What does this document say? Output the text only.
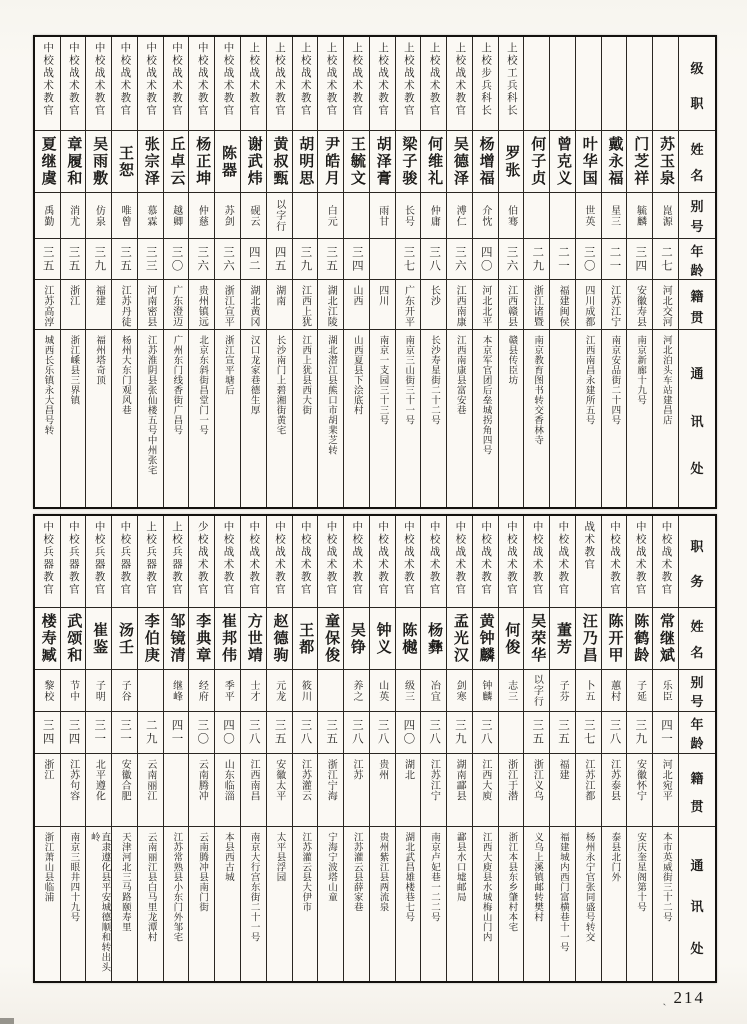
级
职
姓
名
别
号
年
龄
籍
贯
通
讯
处
苏玉泉
崑源
二七
河北交河
河北泊头车站建昌店
门芝祥
毓麟
三四
安徽寿县
南京新廊十九号
戴永福
星三
二一
江苏江宁
南京安品街二十四号
叶华国
世英
三〇
四川成都
江西南昌永建所五号
曾克义
二一
福建闽侯
何子贞
二九
浙江诸暨
南京教育图书转交香林寺
上校工兵科长
罗张
伯骞
三六
江西赣县
赣县传臣坊
上校步兵科长
杨增福
介忱
四〇
河北北平
本京军官团后垒城拐角四号
上校战术教官
吴德泽
溥仁
三六
江西南康
江西南康县富安巷
上校战术教官
何维礼
仲庸
三八
长沙
长沙寿星街二十二号
上校战术教官
梁子骏
长号
三七
广东开平
南京三山街三十一号
上校战术教官
胡泽膏
雨甘
四川
南京一支园三十三号
上校战术教官
王毓文
三四
山西
山西夏县下浍底村
上校战术教官
尹皓月
白元
三五
湖北江陵
湖北潜江县熊口市胡棐芝转
上校战术教官
胡明思
三九
江西上犹
江西上犹县西大街
上校战术教官
黄叔甄
以字行
四五
湖南
长沙南门上碧湘街黄宅
上校战术教官
谢武炜
砚云
四二
湖北黄冈
汉口龙家巷德生厚
中校战术教官
陈器
苏剑
三六
浙江宣平
浙江宣平塘后
中校战术教官
杨正坤
仲慈
三六
贵州镇远
北京东斜街昌堂门一号
中校战术教官
丘卓云
越卿
三〇
广东澄迈
广州东门线香街广昌号
中校战术教官
张宗泽
慕霖
三三
河南密县
江苏淮阴县张仙楼五号中州张宅
中校战术教官
王恕
唯曾
三五
江苏丹徒
杨州大东门观风巷
中校战术教官
吴雨敷
仿泉
三九
福建
福州塔奇顶
中校战术教官
章履和
消尤
三五
浙江
浙江嵊县三界镇
中校战术教官
夏继虞
禹勤
三五
江苏高淳
城西长乐镇永大昌号转
职
务
姓
名
别
号
年
龄
籍
贯
通
讯
处
中校战术教官
常继斌
乐臣
四一
河北宛平
本市英威街三十二号
中校战术教官
陈鹤龄
子延
三九
安徽怀宁
安庆奎星阁第十号
中校战术教官
陈开甲
蕙村
三八
江苏泰县
泰县北门外
战术教官
汪乃昌
卜五
三七
江苏江都
杨州永宁官张同盛号转交
中校战术教官
董芳
子芬
三五
福建
福建城内西门富横巷十一号
中校战术教官
吴荣华
以字行
三五
浙江义乌
义乌上溪镇邮转樊村
中校战术教官
何俊
志三
浙江于潜
浙江本县东乡肇村本宅
中校战术教官
黄钟麟
钟麟
三八
江西大庾
江西大庾县水城梅山门内
中校战术教官
孟光汉
剑寒
三九
湖南酃县
酃县水口墟邮局
中校战术教官
杨彝
冶宜
三八
江苏江宁
南京卢妃巷一二二号
中校战术教官
陈樾
级三
四〇
湖北
湖北武昌雄楼巷七号
中校战术教官
钟义
山英
三八
贵州
贵州紫江县两流泉
中校战术教官
吴铮
养之
三八
江苏
江苏灌云县薛家巷
中校战术教官
童保俊
三五
浙江宁海
宁海宁波塔山童
中校战术教官
王都
筱川
三八
江苏灌云
江苏灌云县大伊市
中校战术教官
赵德驹
元龙
三五
安徽太平
太平县浮园
中校战术教官
方世靖
士才
三八
江西南昌
南京大行宫东街二十一号
中校战术教官
崔邦伟
季平
四〇
山东临淄
本县西古城
少校战术教官
李典章
经府
三〇
云南腾冲
云南腾冲县南门街
上校兵器教官
邹镜清
继峰
四一
江苏常熟县小东门外邹宅
上校兵器教官
李伯庚
二九
云南丽江
云南丽江县白马里龙潭村
中校兵器教官
汤壬
子谷
三一
安徽合肥
天津河北三马路颐寿里
中校兵器教官
崔鉴
子明
三一
北平遵化
直隶遵化县平安城德顺和转出头岭
中校兵器教官
武颂和
节中
三四
江苏句容
南京三眼井四十九号
中校兵器教官
楼寿臧
黎校
三四
浙江
浙江萧山县临浦
ˎ 214
